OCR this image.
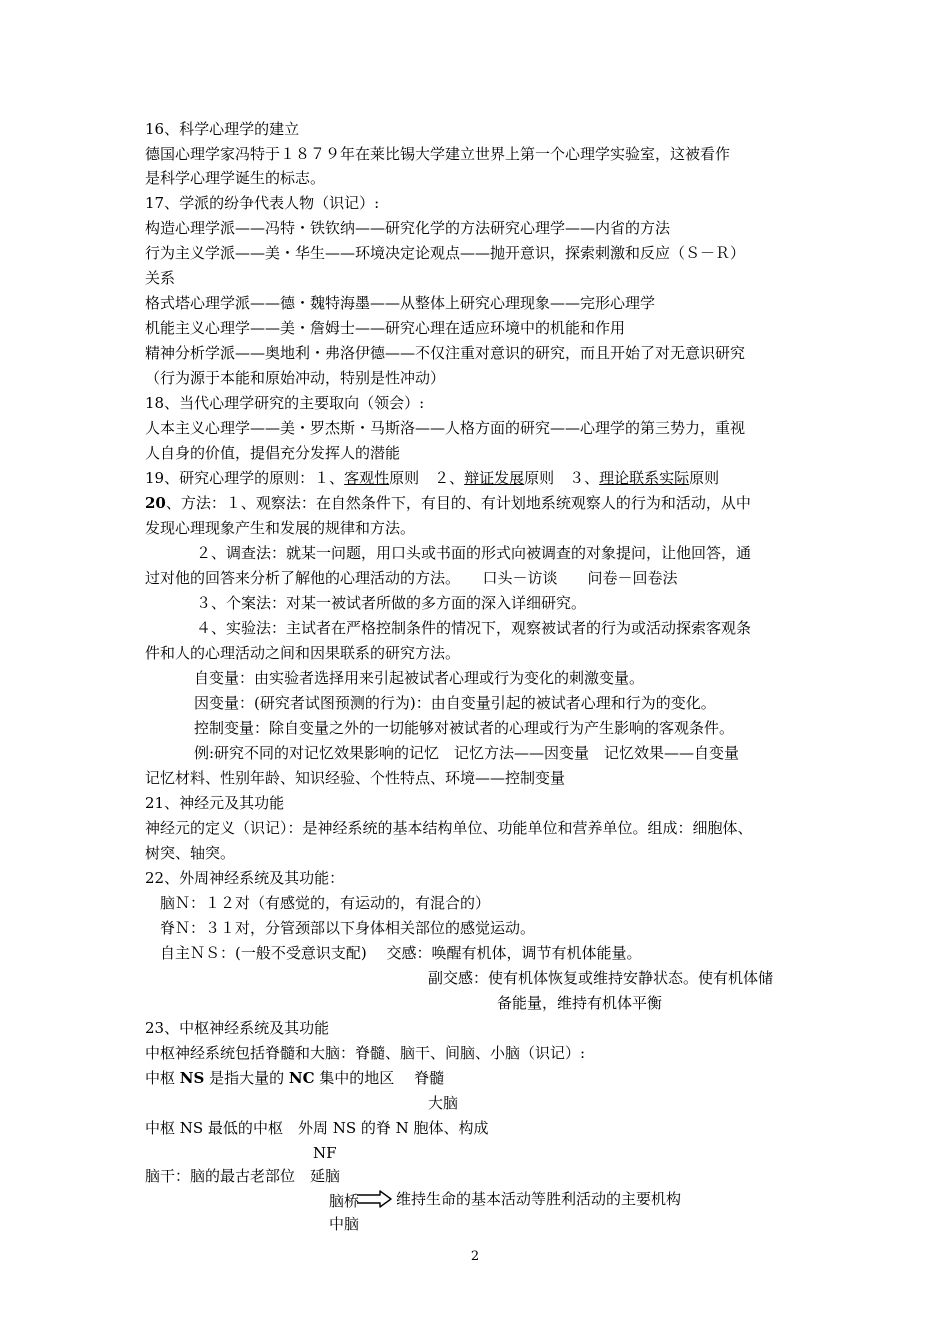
16、科学心理学的建立
德国心理学家冯特于１８７９年在莱比锡大学建立世界上第一个心理学实验室，这被看作
是科学心理学诞生的标志。
17、学派的纷争代表人物（识记）:
构造心理学派——冯特・铁钦纳——研究化学的方法研究心理学——内省的方法
行为主义学派——美・华生——环境决定论观点——抛开意识，探索刺激和反应（Ｓ－Ｒ）
关系
格式塔心理学派——德・魏特海墨——从整体上研究心理现象——完形心理学
机能主义心理学——美・詹姆士——研究心理在适应环境中的机能和作用
精神分析学派——奥地利・弗洛伊德——不仅注重对意识的研究，而且开始了对无意识研究
（行为源于本能和原始冲动，特别是性冲动）
18、当代心理学研究的主要取向（领会）:
人本主义心理学——美・罗杰斯・马斯洛——人格方面的研究——心理学的第三势力，重视
人自身的价值，提倡充分发挥人的潜能
19、研究心理学的原则：１、客观性原则　２、辩证发展原则　３、理论联系实际原则
20、方法：１、观察法：在自然条件下，有目的、有计划地系统观察人的行为和活动，从中
发现心理现象产生和发展的规律和方法。
２、调查法：就某一问题，用口头或书面的形式向被调查的对象提问，让他回答，通
过对他的回答来分析了解他的心理活动的方法。　　口头－访谈　　问卷－回卷法
３、个案法：对某一被试者所做的多方面的深入详细研究。
４、实验法：主试者在严格控制条件的情况下，观察被试者的行为或活动探索客观条
件和人的心理活动之间和因果联系的研究方法。
自变量：由实验者选择用来引起被试者心理或行为变化的刺激变量。
因变量：(研究者试图预测的行为)：由自变量引起的被试者心理和行为的变化。
控制变量：除自变量之外的一切能够对被试者的心理或行为产生影响的客观条件。
例:研究不同的对记忆效果影响的记忆　记忆方法——因变量　记忆效果——自变量
记忆材料、性别年龄、知识经验、个性特点、环境——控制变量
21、神经元及其功能
神经元的定义（识记）：是神经系统的基本结构单位、功能单位和营养单位。组成：细胞体、
树突、轴突。
22、外周神经系统及其功能：
脑Ｎ：１２对（有感觉的，有运动的，有混合的）
脊Ｎ：３１对，分管颈部以下身体相关部位的感觉运动。
自主ＮＳ：(一般不受意识支配)　 交感：唤醒有机体，调节有机体能量。
副交感：使有机体恢复或维持安静状态。使有机体储
备能量，维持有机体平衡
23、中枢神经系统及其功能
中枢神经系统包括脊髓和大脑：脊髓、脑干、间脑、小脑（识记）:
中枢 NS 是指大量的 NC 集中的地区　 脊髓
大脑
中枢 NS 最低的中枢　外周 NS 的脊 N 胞体、构成
NF
脑干：脑的最古老部位　延脑
脑桥 维持生命的基本活动等胜利活动的主要机构
中脑
2
